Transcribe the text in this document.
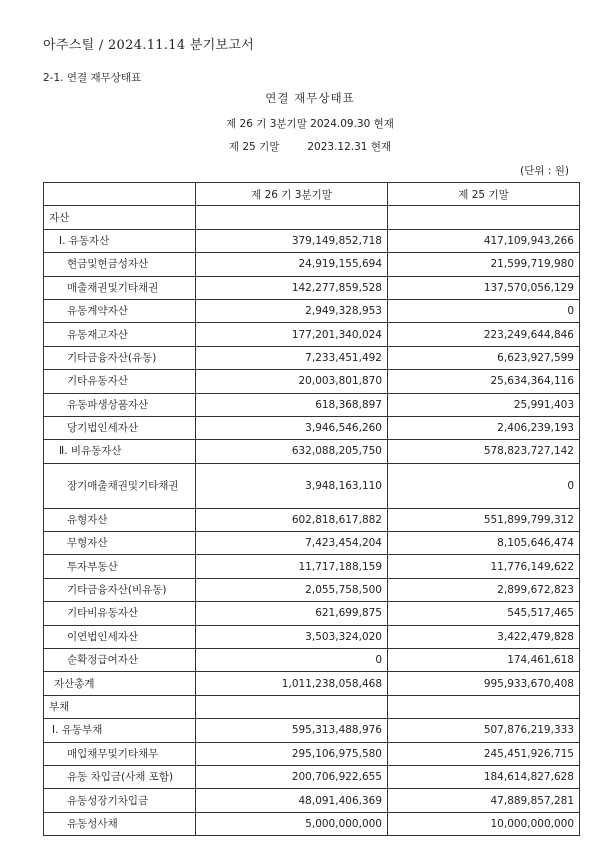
아주스틸 / 2024.11.14 분기보고서
2-1. 연결 재무상태표
연결 재무상태표
제 26 기 3분기말 2024.09.30 현재
제 25 기말	2023.12.31 현재
(단위 : 원)
	제 26 기 3분기말	제 25 기말
자산		
Ⅰ. 유동자산	379,149,852,718	417,109,943,266
현금및현금성자산	24,919,155,694	21,599,719,980
매출채권및기타채권	142,277,859,528	137,570,056,129
유동계약자산	2,949,328,953	0
유동재고자산	177,201,340,024	223,249,644,846
기타금융자산(유동)	7,233,451,492	6,623,927,599
기타유동자산	20,003,801,870	25,634,364,116
유동파생상품자산	618,368,897	25,991,403
당기법인세자산	3,946,546,260	2,406,239,193
Ⅱ. 비유동자산	632,088,205,750	578,823,727,142
장기매출채권및기타채권	3,948,163,110	0
유형자산	602,818,617,882	551,899,799,312
무형자산	7,423,454,204	8,105,646,474
투자부동산	11,717,188,159	11,776,149,622
기타금융자산(비유동)	2,055,758,500	2,899,672,823
기타비유동자산	621,699,875	545,517,465
이연법인세자산	3,503,324,020	3,422,479,828
순확정급여자산	0	174,461,618
자산총계	1,011,238,058,468	995,933,670,408
부채		
I. 유동부채	595,313,488,976	507,876,219,333
매입채무및기타채무	295,106,975,580	245,451,926,715
유동 차입금(사채 포함)	200,706,922,655	184,614,827,628
유동성장기차입금	48,091,406,369	47,889,857,281
유동성사채	5,000,000,000	10,000,000,000
